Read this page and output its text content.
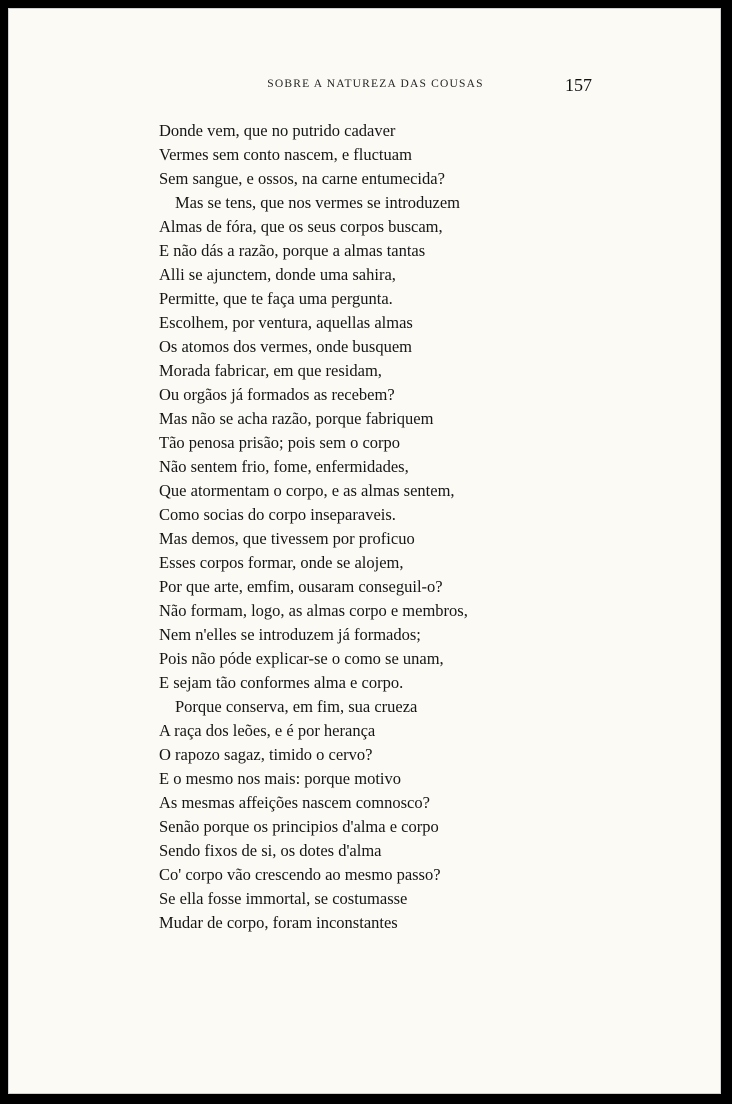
SOBRE A NATUREZA DAS COUSAS	157
Donde vem, que no putrido cadaver
Vermes sem conto nascem, e fluctuam
Sem sangue, e ossos, na carne entumecida?
Mas se tens, que nos vermes se introduzem
Almas de fóra, que os seus corpos buscam,
E não dás a razão, porque a almas tantas
Alli se ajunctem, donde uma sahira,
Permitte, que te faça uma pergunta.
Escolhem, por ventura, aquellas almas
Os atomos dos vermes, onde busquem
Morada fabricar, em que residam,
Ou orgãos já formados as recebem?
Mas não se acha razão, porque fabriquem
Tão penosa prisão; pois sem o corpo
Não sentem frio, fome, enfermidades,
Que atormentam o corpo, e as almas sentem,
Como socias do corpo inseparaveis.
Mas demos, que tivessem por proficuo
Esses corpos formar, onde se alojem,
Por que arte, emfim, ousaram conseguil-o?
Não formam, logo, as almas corpo e membros,
Nem n'elles se introduzem já formados;
Pois não póde explicar-se o como se unam,
E sejam tão conformes alma e corpo.
Porque conserva, em fim, sua crueza
A raça dos leões, e é por herança
O rapozo sagaz, timido o cervo?
E o mesmo nos mais: porque motivo
As mesmas affeições nascem comnosco?
Senão porque os principios d'alma e corpo
Sendo fixos de si, os dotes d'alma
Co' corpo vão crescendo ao mesmo passo?
Se ella fosse immortal, se costumasse
Mudar de corpo, foram inconstantes
